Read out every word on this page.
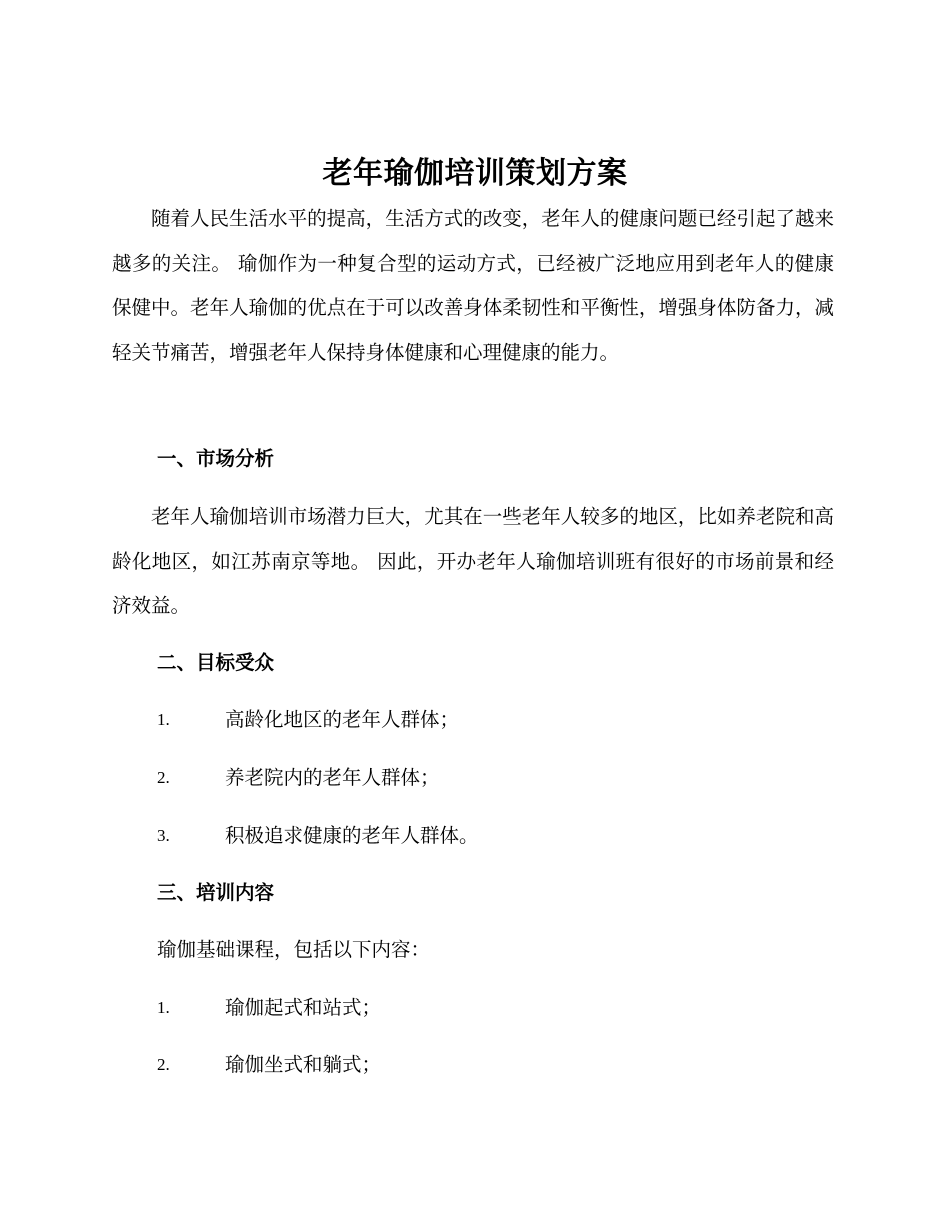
老年瑜伽培训策划方案
随着人民生活水平的提高，生活方式的改变，老年人的健康问题已经引起了越来越多的关注。 瑜伽作为一种复合型的运动方式，已经被广泛地应用到老年人的健康保健中。老年人瑜伽的优点在于可以改善身体柔韧性和平衡性，增强身体防备力，减轻关节痛苦，增强老年人保持身体健康和心理健康的能力。
一、市场分析
老年人瑜伽培训市场潜力巨大，尤其在一些老年人较多的地区，比如养老院和高龄化地区，如江苏南京等地。 因此，开办老年人瑜伽培训班有很好的市场前景和经济效益。
二、目标受众
1.	高龄化地区的老年人群体；
2.	养老院内的老年人群体；
3.	积极追求健康的老年人群体。
三、培训内容
瑜伽基础课程，包括以下内容：
1.	瑜伽起式和站式；
2.	瑜伽坐式和躺式；
